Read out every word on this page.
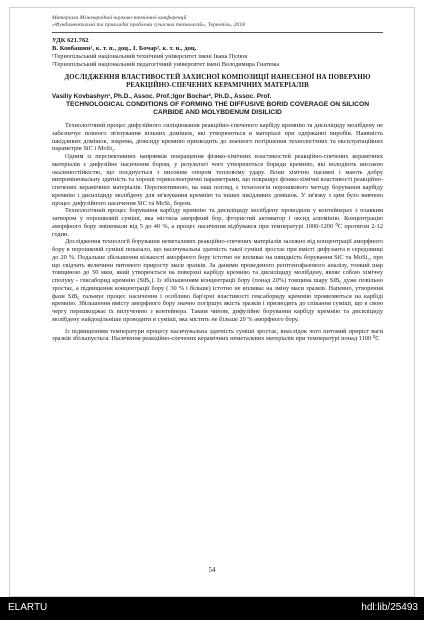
Матеріали Міжнародної науково-технічної конференції

«Фундаментальні та прикладні проблеми сучасних технологій», Тернопіль, 2018

УДК 621.762

В. Ковбашин¹, к. т. н., доц., І. Бочар², к. т. н., доц.

¹Тернопільський національний технічний університет імені Івана Пулюя

²Тернопільський національний педагогічний університет імені Володимира Гнатюка

ДОСЛІДЖЕННЯ ВЛАСТИВОСТЕЙ ЗАХИСНОЇ КОМПОЗИЦІЇ НАНЕСЕНОЇ НА ПОВЕРХНЮ РЕАКЦІЙНО-СПЕЧЕНИХ КЕРАМІЧНИХ МАТЕРІАЛІВ

Vasiliy Kovbashyn¹, Ph.D., Assoc. Prof.;Igor Bochar², Ph.D., Assoc. Prof.

TECHNOLOGICAL CONDITIONS OF FORMING THE DIFFUSIVE BORID COVERAGE ON SILICON CARBIDE AND MOLYBDENUM DISILICID

Технологічний процес дифузійного силіціювання реакційно-спеченого карбіду кремнію та дисиліциду молібдену не забезпечує повного зв'язування вільних домішок, які утворюються в матеріалі при одержанні виробів. Наявність шкідливих домішок, зокрема, діоксиду кремнію призводить до значного погіршення технологічних та експлуатаційних параметрів SiC і MoSi₂.

Одним із перспективних напрямків покращення фізико-хімічних властивостей реакційно-спечених керамічних матеріалів є дифузійне насичення бором, у результаті чого утворюються бориди кремнію, які володіють високою окалиностійкістю, що поєднується з високим опором тепловому удару. Вони хімічно пасивні і мають добру випромінювальну здатність та хороші термоелектричні параметрами, що покращує фізико-хімічні властивості реакційно-спечених керамічних матеріалів. Перспективною, на наш погляд, є технологія порошкового методу борування карбіду кремнію і дисиліциду молібдену для зв'язування кремнію та інших шкідливих домішок. У зв'язку з цим було вивчено процес дифузійного насичення SiC та MoSi₂ бором.

Технологічний процес борування карбіду кремнію та дисиліциду молібдену проводили у контейнерах з плавким затвором у порошковій суміші, яка містила аморфний бор, фтористий активатор і оксид алюмінію. Концентрацію аморфного бору змінювали від 5 до 40 %, а процес насичення відбувався при температурі 1000-1200 ⁰С протягом 2-12 годин.

Дослідження технології борування неметалевих реакційно-спечених матеріалів залежно від концентрації аморфного бору в порошковій суміші показало, що насичувальна здатність такої суміші зростає при вмісті дифузанта в середовищі до 20 %. Подальше збільшення кількості аморфного бору істотно не впливає на швидкість борування SiC та MoSi₂, про що свідчать величини питомого приросту маси зразків. За даними проведеного рентгенофазового аналізу, тонкий шар товщиною до 50 мкм, який утворюється на поверхні карбіду кремнію та дисиліциду молібдену, являє собою хімічну сполуку - гексаборид кремнію (SiB₆). Із збільшенням концентрації бору (понад 20%) товщина шару SiB₆ дуже повільно зростає, а підвищення концентрації бору ( 30 % і більше) істотно не впливає на зміну маси зразків. Напевно, утворення фази SiB₆ гальмує процес насичення і особливо бар'єрні властивості гексабориду кремнію проявляються на карбіді кремнію. Збільшення вмісту аморфного бору значно погіршує якість зразків і призводить до спікання суміші, що в свою чергу перешкоджає їх вилученню з контейнера. Таким чином, дифузійне борування карбіду кремнію та дисиліциду молібдену найдоцільніше проводити в суміші, яка містить не більше 20 % аморфного бору.

Із підвищенням температури процесу насичувальна здатність суміші зростає, внаслідок чого питомий приріст ваги зразків збільшується. Насичення реакційно-спечених керамічних неметалевих матеріалів при температурі понад 1100 ⁰С

54
ELARTU	hdl:lib/25493
